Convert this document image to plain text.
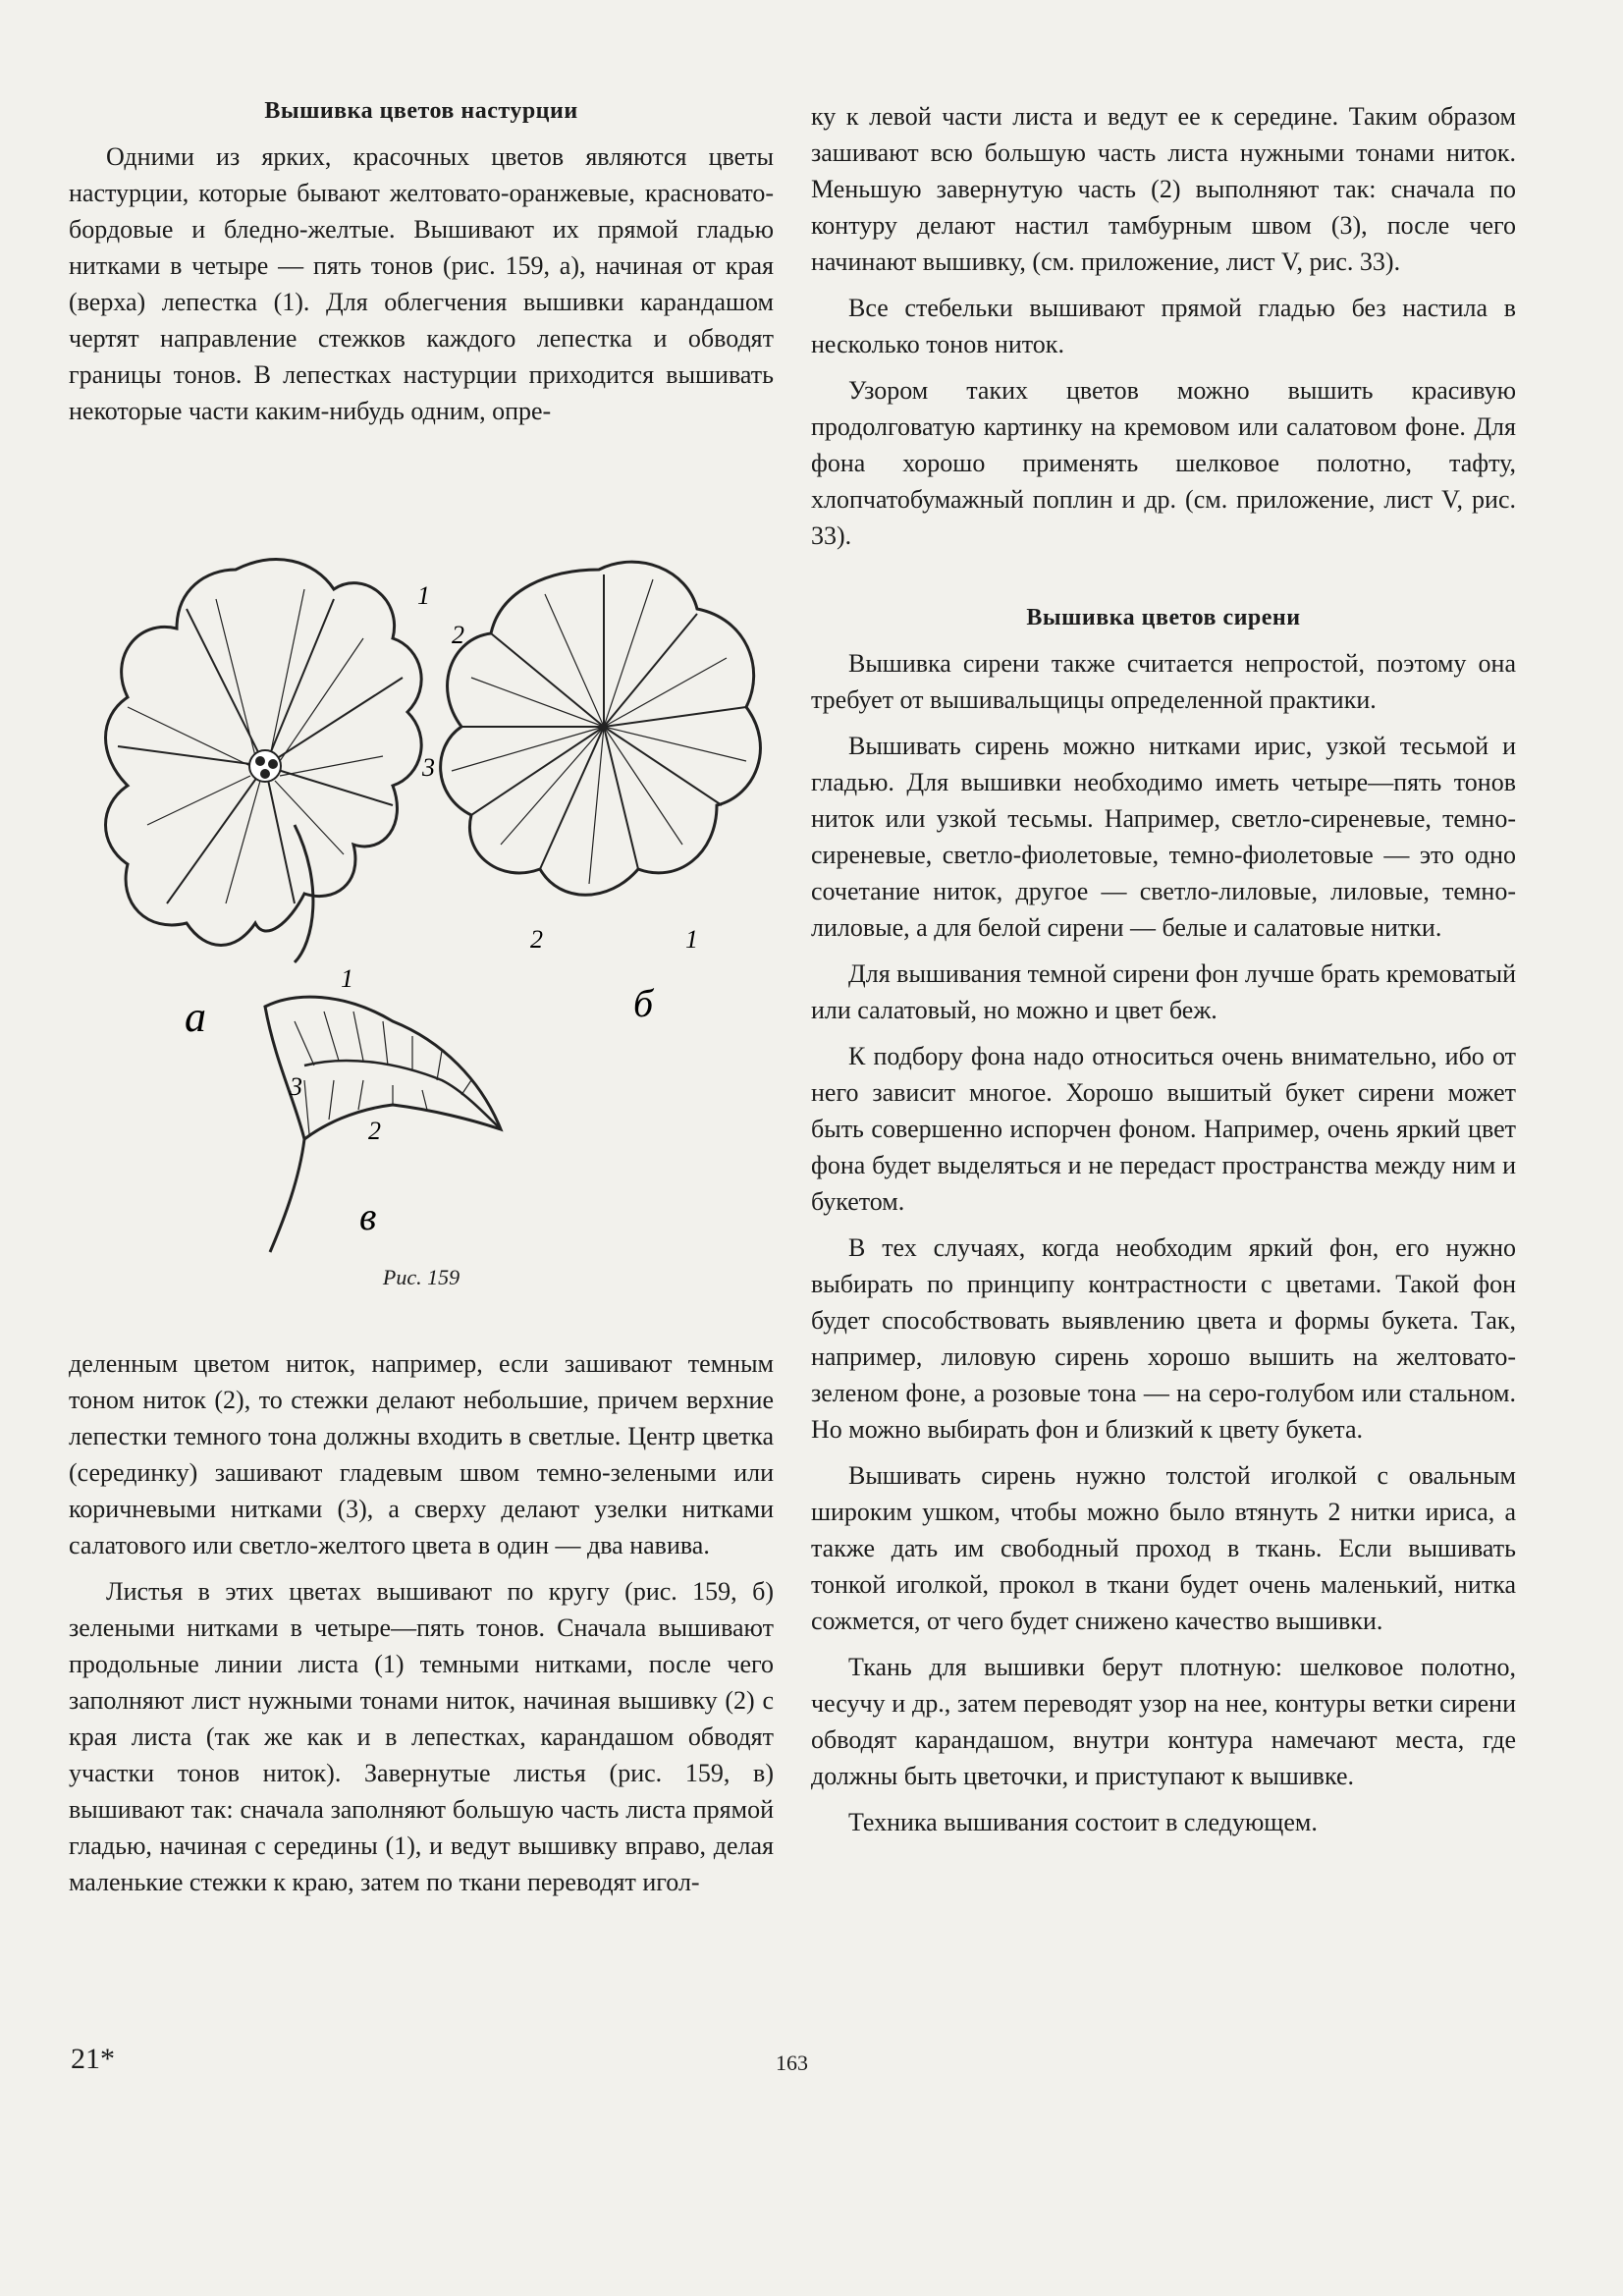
Вышивка цветов настурции

Одними из ярких, красочных цветов являются цветы настурции, которые бывают желтовато-оранжевые, красновато-бордовые и бледно-желтые. Вышивают их прямой гладью нитками в четыре — пять тонов (рис. 159, а), начиная от края (верха) лепестка (1). Для облегчения вышивки карандашом чертят направление стежков каждого лепестка и обводят границы тонов. В лепестках настурции приходится вышивать некоторые части каким-нибудь одним, опре-

а
1
2
3
б
2	1
1
3
2
в
Рис. 159

деленным цветом ниток, например, если зашивают темным тоном ниток (2), то стежки делают небольшие, причем верхние лепестки темного тона должны входить в светлые. Центр цветка (серединку) зашивают гладевым швом темно-зелеными или коричневыми нитками (3), а сверху делают узелки нитками салатового или светло-желтого цвета в один — два навива.

Листья в этих цветах вышивают по кругу (рис. 159, б) зелеными нитками в четыре—пять тонов. Сначала вышивают продольные линии листа (1) темными нитками, после чего заполняют лист нужными тонами ниток, начиная вышивку (2) с края листа (так же как и в лепестках, карандашом обводят участки тонов ниток). Завернутые листья (рис. 159, в) вышивают так: сначала заполняют большую часть листа прямой гладью, начиная с середины (1), и ведут вышивку вправо, делая маленькие стежки к краю, затем по ткани переводят игол-

ку к левой части листа и ведут ее к середине. Таким образом зашивают всю большую часть листа нужными тонами ниток. Меньшую завернутую часть (2) выполняют так: сначала по контуру делают настил тамбурным швом (3), после чего начинают вышивку, (см. приложение, лист V, рис. 33).

Все стебельки вышивают прямой гладью без настила в несколько тонов ниток.

Узором таких цветов можно вышить красивую продолговатую картинку на кремовом или салатовом фоне. Для фона хорошо применять шелковое полотно, тафту, хлопчатобумажный поплин и др. (см. приложение, лист V, рис. 33).

Вышивка цветов сирени

Вышивка сирени также считается непростой, поэтому она требует от вышивальщицы определенной практики.

Вышивать сирень можно нитками ирис, узкой тесьмой и гладью. Для вышивки необходимо иметь четыре—пять тонов ниток или узкой тесьмы. Например, светло-сиреневые, темно-сиреневые, светло-фиолетовые, темно-фиолетовые — это одно сочетание ниток, другое — светло-лиловые, лиловые, темно-лиловые, а для белой сирени — белые и салатовые нитки.

Для вышивания темной сирени фон лучше брать кремоватый или салатовый, но можно и цвет беж.

К подбору фона надо относиться очень внимательно, ибо от него зависит многое. Хорошо вышитый букет сирени может быть совершенно испорчен фоном. Например, очень яркий цвет фона будет выделяться и не передаст пространства между ним и букетом.

В тех случаях, когда необходим яркий фон, его нужно выбирать по принципу контрастности с цветами. Такой фон будет способствовать выявлению цвета и формы букета. Так, например, лиловую сирень хорошо вышить на желтовато-зеленом фоне, а розовые тона — на серо-голубом или стальном. Но можно выбирать фон и близкий к цвету букета.

Вышивать сирень нужно толстой иголкой с овальным широким ушком, чтобы можно было втянуть 2 нитки ириса, а также дать им свободный проход в ткань. Если вышивать тонкой иголкой, прокол в ткани будет очень маленький, нитка сожмется, от чего будет снижено качество вышивки.

Ткань для вышивки берут плотную: шелковое полотно, чесучу и др., затем переводят узор на нее, контуры ветки сирени обводят карандашом, внутри контура намечают места, где должны быть цветочки, и приступают к вышивке.

Техника вышивания состоит в следующем.

21*	163
